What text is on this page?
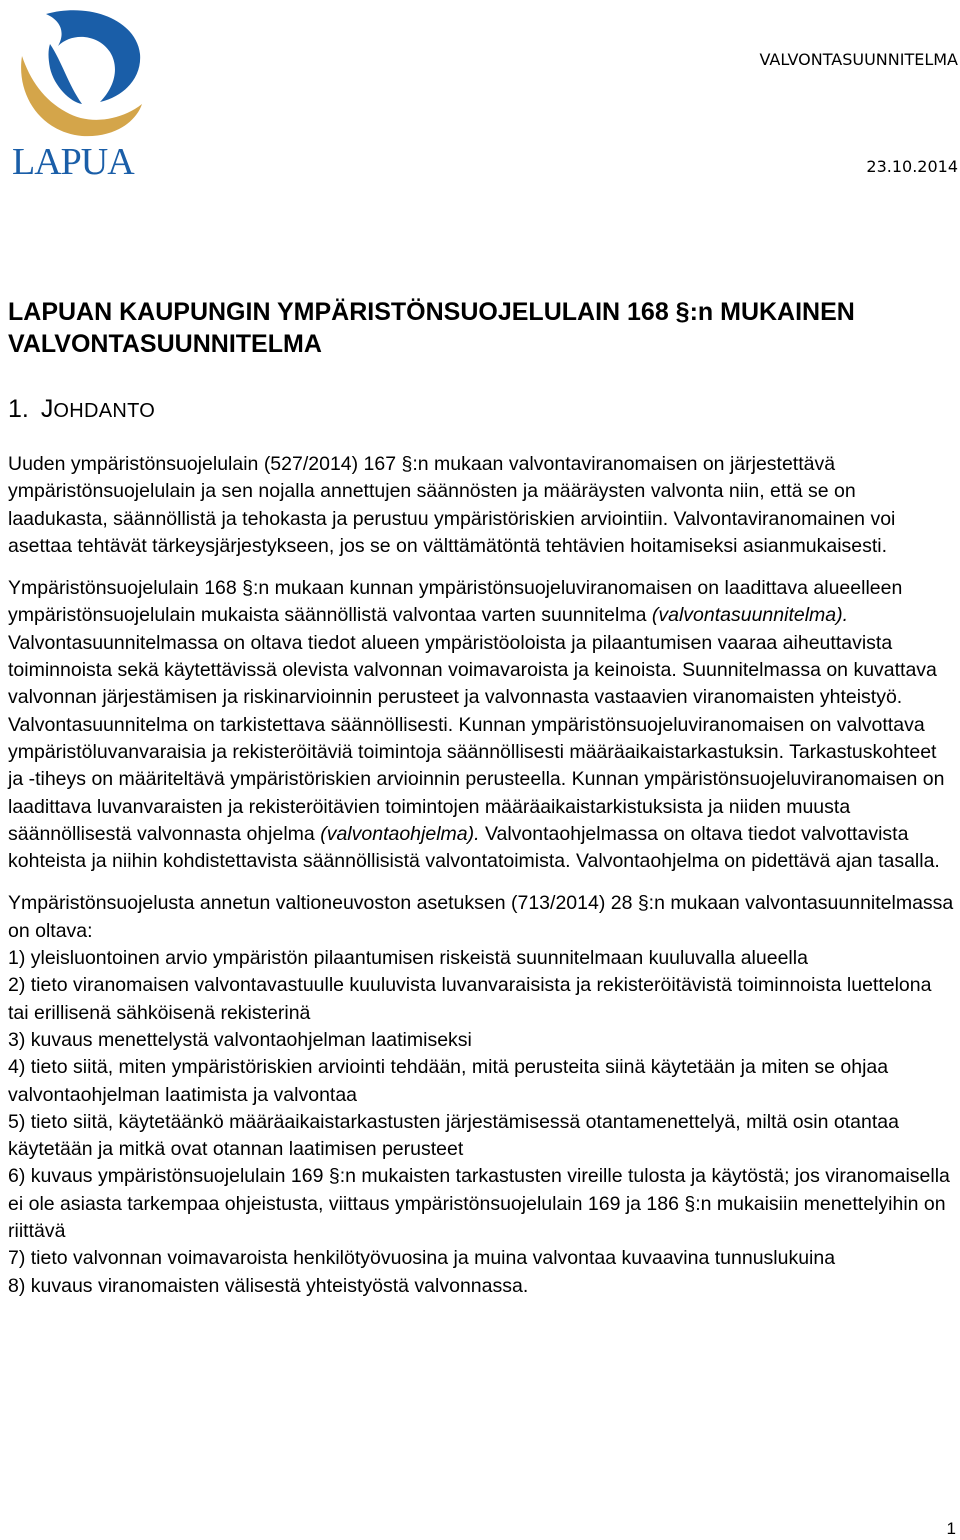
LAPUA
VALVONTASUUNNITELMA
23.10.2014
LAPUAN KAUPUNGIN YMPÄRISTÖNSUOJELULAIN 168 §:n MUKAINEN VALVONTASUUNNITELMA
1. JOHDANTO

Uuden ympäristönsuojelulain (527/2014) 167 §:n mukaan valvontaviranomaisen on järjestettävä ympäristönsuojelulain ja sen nojalla annettujen säännösten ja määräysten valvonta niin, että se on laadukasta, säännöllistä ja tehokasta ja perustuu ympäristöriskien arviointiin. Valvontaviranomainen voi asettaa tehtävät tärkeysjärjestykseen, jos se on välttämätöntä tehtävien hoitamiseksi asianmukaisesti.

Ympäristönsuojelulain 168 §:n mukaan kunnan ympäristönsuojeluviranomaisen on laadittava alueelleen ympäristönsuojelulain mukaista säännöllistä valvontaa varten suunnitelma (valvontasuunnitelma). Valvontasuunnitelmassa on oltava tiedot alueen ympäristöoloista ja pilaantumisen vaaraa aiheuttavista toiminnoista sekä käytettävissä olevista valvonnan voimavaroista ja keinoista. Suunnitelmassa on kuvattava valvonnan järjestämisen ja riskinarvioinnin perusteet ja valvonnasta vastaavien viranomaisten yhteistyö. Valvontasuunnitelma on tarkistettava säännöllisesti. Kunnan ympäristönsuojeluviranomaisen on valvottava ympäristöluvanvaraisia ja rekisteröitäviä toimintoja säännöllisesti määräaikaistarkastuksin. Tarkastuskohteet ja -tiheys on määriteltävä ympäristöriskien arvioinnin perusteella. Kunnan ympäristönsuojeluviranomaisen on laadittava luvanvaraisten ja rekisteröitävien toimintojen määräaikaistarkistuksista ja niiden muusta säännöllisestä valvonnasta ohjelma (valvontaohjelma). Valvontaohjelmassa on oltava tiedot valvottavista kohteista ja niihin kohdistettavista säännöllisistä valvontatoimista. Valvontaohjelma on pidettävä ajan tasalla.

Ympäristönsuojelusta annetun valtioneuvoston asetuksen (713/2014) 28 §:n mukaan valvontasuunnitelmassa on oltava:

1) yleisluontoinen arvio ympäristön pilaantumisen riskeistä suunnitelmaan kuuluvalla alueella
2) tieto viranomaisen valvontavastuulle kuuluvista luvanvaraisista ja rekisteröitävistä toiminnoista luettelona tai erillisenä sähköisenä rekisterinä
3) kuvaus menettelystä valvontaohjelman laatimiseksi
4) tieto siitä, miten ympäristöriskien arviointi tehdään, mitä perusteita siinä käytetään ja miten se ohjaa valvontaohjelman laatimista ja valvontaa
5) tieto siitä, käytetäänkö määräaikaistarkastusten järjestämisessä otantamenettelyä, miltä osin otantaa käytetään ja mitkä ovat otannan laatimisen perusteet
6) kuvaus ympäristönsuojelulain 169 §:n mukaisten tarkastusten vireille tulosta ja käytöstä; jos viranomaisella ei ole asiasta tarkempaa ohjeistusta, viittaus ympäristönsuojelulain 169 ja 186 §:n mukaisiin menettelyihin on riittävä
7) tieto valvonnan voimavaroista henkilötyövuosina ja muina valvontaa kuvaavina tunnuslukuina
8) kuvaus viranomaisten välisestä yhteistyöstä valvonnassa.
1
